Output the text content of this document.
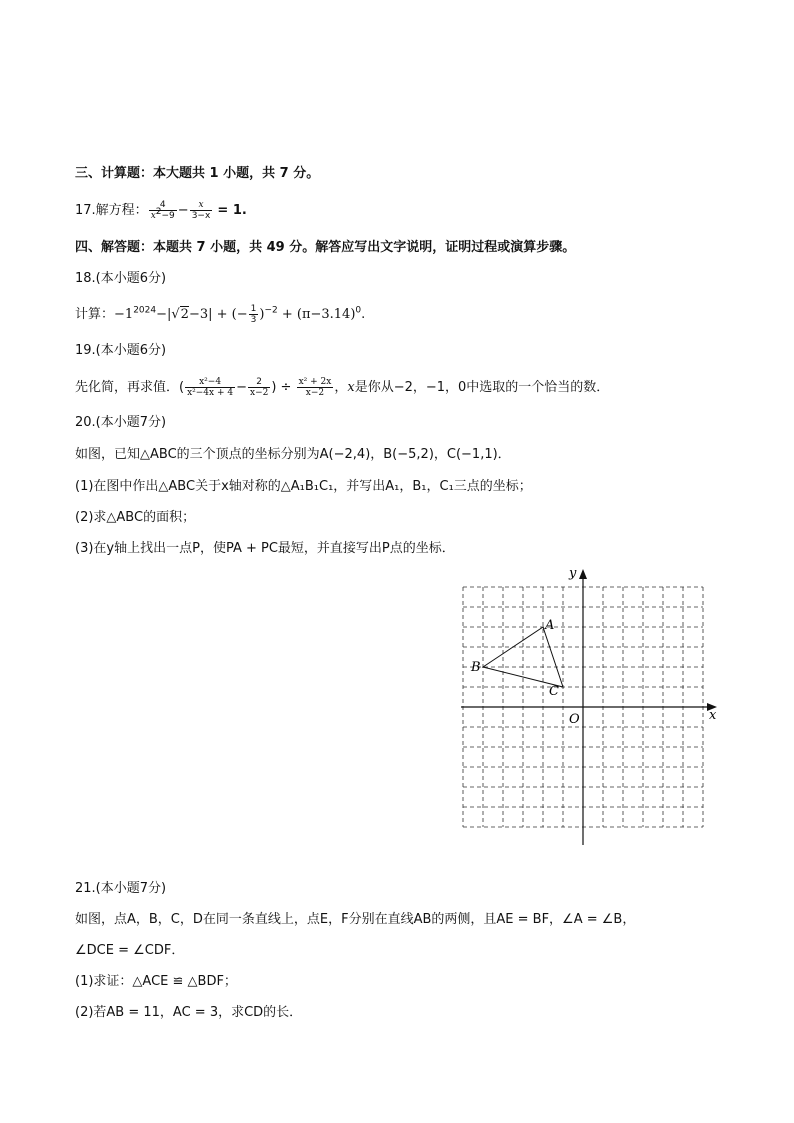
三、计算题：本大题共 1 小题，共 7 分。
17.解方程： $\frac{4}{x^2-9} - \frac{x}{3-x} = 1$.
四、解答题：本题共 7 小题，共 49 分。解答应写出文字说明，证明过程或演算步骤。
18.(本小题6分)
计算：$-1^{2024}-|√2-3|$ + (− $\frac{1}{3} )^{-2} + (\pi-3.14)^0$.
19.(本小题6分)
先化简，再求值．( $\frac{\text{x²−4}}{\text{x²−4x + 4}} - \frac{2}{x-2}$ ) ÷ $\frac{\text{x² + 2x}}{x-2}$ ，x是你从−2，−1，0中选取的一个恰当的数．
20.(本小题7分)
如图，已知△ABC的三个顶点的坐标分别为A(−2,4)，B(−5,2)，C(−1,1)．
(1)在图中作出△ABC关于x轴对称的△A₁B₁C₁，并写出A₁，B₁，C₁三点的坐标；
(2)求△ABC的面积；
(3)在y轴上找出一点P，使PA + PC最短，并直接写出P点的坐标．
x
y
O
A
B
C
21.(本小题7分)
如图，点A，B，C，D在同一条直线上，点E，F分别在直线AB的两侧，且AE = BF，∠A = ∠B，
∠DCE = ∠CDF．
(1)求证：△ACE ≌ △BDF；
(2)若AB = 11，AC = 3，求CD的长．
